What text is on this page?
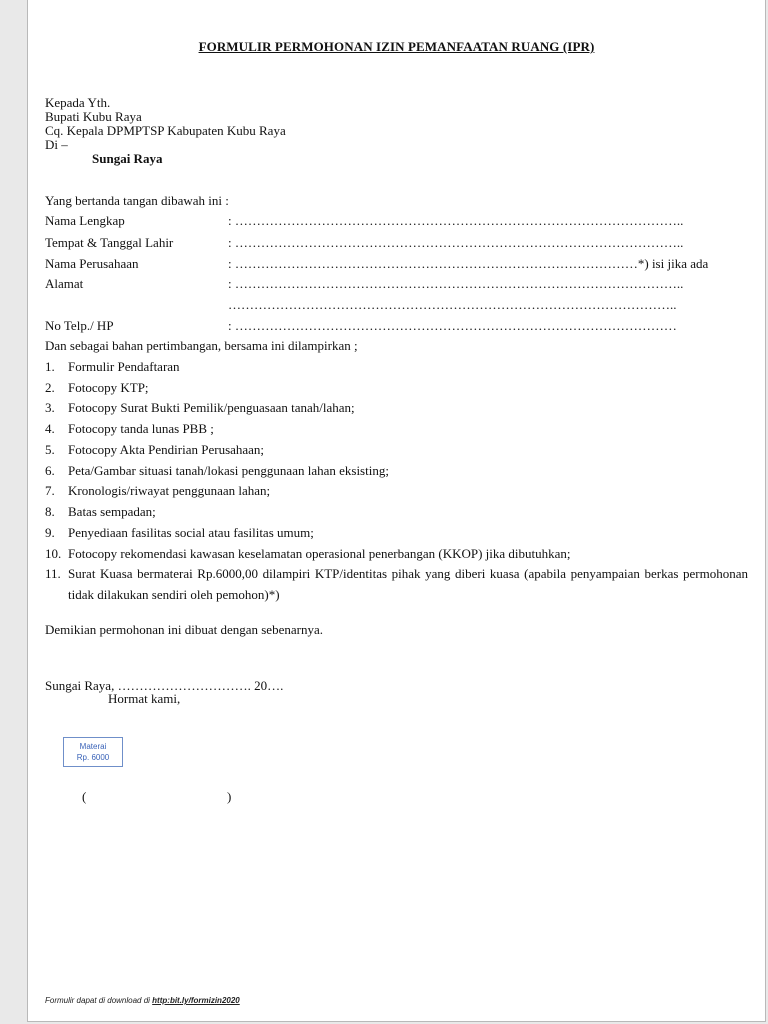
FORMULIR PERMOHONAN IZIN PEMANFAATAN RUANG (IPR)
Kepada Yth.
Bupati Kubu Raya
Cq. Kepala DPMPTSP Kabupaten Kubu Raya
Di –
Sungai Raya
Yang bertanda tangan dibawah ini :
Nama Lengkap	: …………………………………………………………………………………………..
Tempat & Tanggal Lahir	: …………………………………………………………………………………………..
Nama Perusahaan	: …………………………………………………………………………………*) isi jika ada
Alamat	: …………………………………………………………………………………………..
…………………………………………………………………………………………..
No Telp./ HP	: …………………………………………………………………………………………
Dan sebagai bahan pertimbangan, bersama ini dilampirkan ;
1. Formulir Pendaftaran
2. Fotocopy KTP;
3. Fotocopy Surat Bukti Pemilik/penguasaan tanah/lahan;
4. Fotocopy tanda lunas PBB ;
5. Fotocopy Akta Pendirian Perusahaan;
6. Peta/Gambar situasi tanah/lokasi penggunaan lahan eksisting;
7. Kronologis/riwayat penggunaan lahan;
8. Batas sempadan;
9. Penyediaan fasilitas social atau fasilitas umum;
10. Fotocopy rekomendasi kawasan keselamatan operasional penerbangan (KKOP) jika dibutuhkan;
11. Surat Kuasa bermaterai Rp.6000,00 dilampiri KTP/identitas pihak yang diberi kuasa (apabila penyampaian berkas permohonan tidak dilakukan sendiri oleh pemohon)*)
Demikian permohonan ini dibuat dengan sebenarnya.
Sungai Raya, …………………………. 20….
Hormat kami,
Materai
Rp. 6000
(	)
Formulir dapat di download di http:bit.ly/formizin2020
